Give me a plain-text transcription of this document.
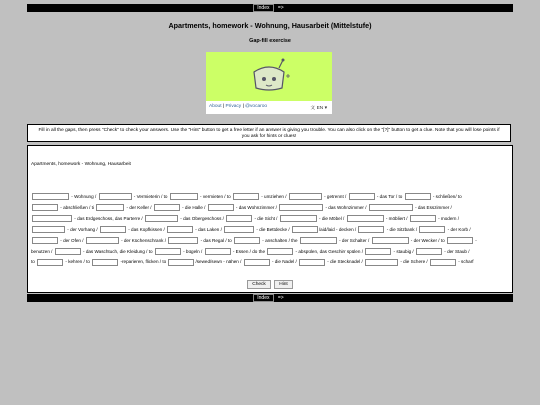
Index =>
Apartments, homework - Wohnung, Hausarbeit (Mittelstufe)
Gap-fill exercise
About | Privacy | @vocaroo	文 EN ▾
Fill in all the gaps, then press "Check" to check your answers. Use the "Hint" button to get a free letter if an answer is giving you trouble. You can also click on the "[?]" button to get a clue. Note that you will lose points if you ask for hints or clues!
Apartments, homework - Wohnung, Hausarbeit
- Wohnung /	- Vermieterin / to	- vermieten / to	- umziehen /	- getrennt /	- das Tor / to	- schließen/ to
- abschließen / ti	- der Keller /	- die Halle /	- das Wohnzimmer /	- das Wohnzimmer /	- das Esszimmer /
- das Erdgeschoss, das Parterre /	- das Obergeschoss /	- die Sicht /	- die Möbel /	- möbliert /	- modern /
- der Vorhang /	- das Kopfkissen /	- das Laken /	- die Bettdecke /	/aid/laid - decken /	- die Sitzbank /	- der Korb /
- der Ofen /	- der Küchenschrank /	- das Regal / to	- anschalten / the	- der Schalter /	- der Wecker / to	-
benutzen /	- das Waschtuch, die Kleidung / to	- bügeln /	- Essen / do the	- abspülen, das Geschirr spülen /	- staubig /	- der Staub /
to	- kehren / to	-reparieren, flicken / to	/sewed/sewn - nähen /	- die Nadel /	- die Stecknadel /	- die Schere /	- scharf
Check	Hint
Index =>
